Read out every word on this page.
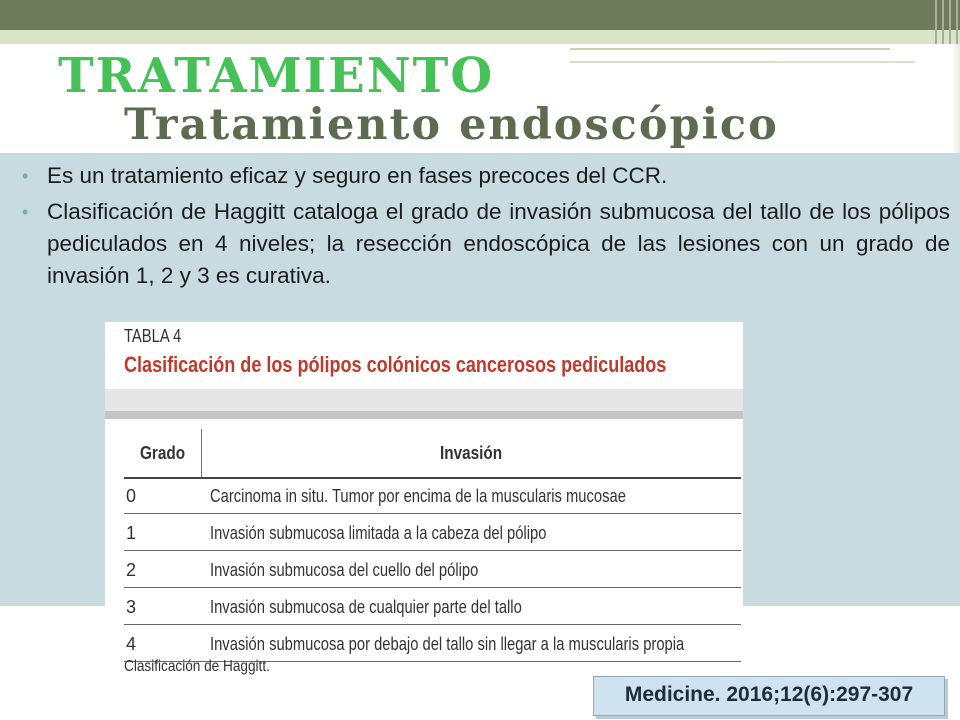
TRATAMIENTO
Tratamiento endoscópico
• Es un tratamiento eficaz y seguro en fases precoces del CCR.
• Clasificación de Haggitt cataloga el grado de invasión submucosa del tallo de los pólipos pediculados en 4 niveles; la resección endoscópica de las lesiones con un grado de invasión 1, 2 y 3 es curativa.
TABLA 4
Clasificación de los pólipos colónicos cancerosos pediculados
Grado	Invasión
0	Carcinoma in situ. Tumor por encima de la muscularis mucosae
1	Invasión submucosa limitada a la cabeza del pólipo
2	Invasión submucosa del cuello del pólipo
3	Invasión submucosa de cualquier parte del tallo
4	Invasión submucosa por debajo del tallo sin llegar a la muscularis propia
Clasificación de Haggitt.
Medicine. 2016;12(6):297-307
